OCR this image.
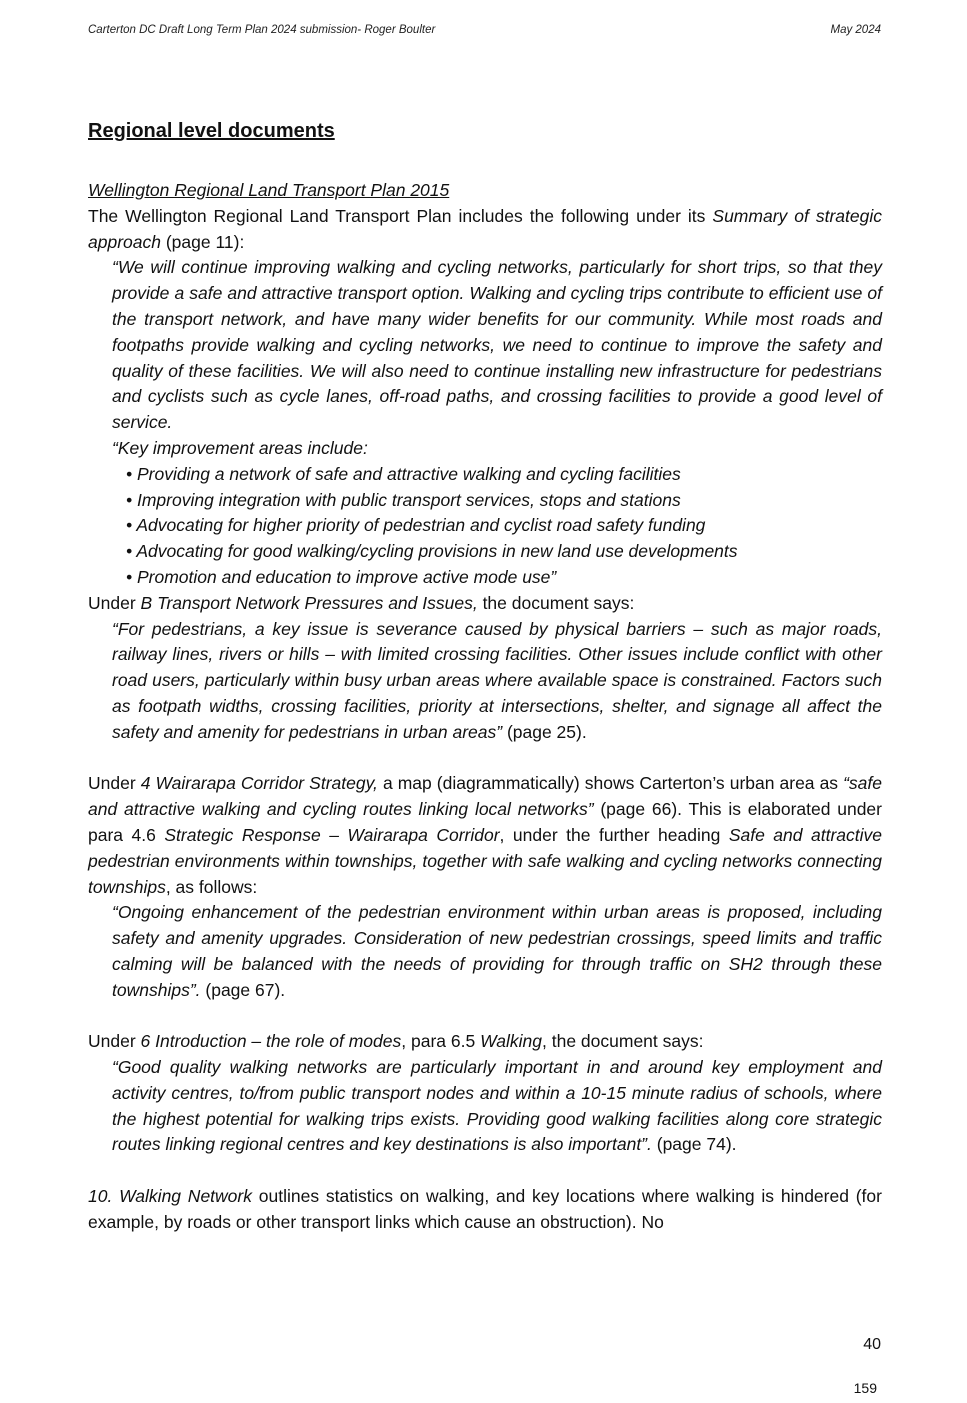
Carterton DC Draft Long Term Plan 2024 submission- Roger Boulter	May 2024
Regional level documents

Wellington Regional Land Transport Plan 2015

The Wellington Regional Land Transport Plan includes the following under its Summary of strategic approach (page 11):

“We will continue improving walking and cycling networks, particularly for short trips, so that they provide a safe and attractive transport option. Walking and cycling trips contribute to efficient use of the transport network, and have many wider benefits for our community. While most roads and footpaths provide walking and cycling networks, we need to continue to improve the safety and quality of these facilities. We will also need to continue installing new infrastructure for pedestrians and cyclists such as cycle lanes, off-road paths, and crossing facilities to provide a good level of service.

“Key improvement areas include:

• Providing a network of safe and attractive walking and cycling facilities

• Improving integration with public transport services, stops and stations

• Advocating for higher priority of pedestrian and cyclist road safety funding

• Advocating for good walking/cycling provisions in new land use developments

• Promotion and education to improve active mode use”

Under B Transport Network Pressures and Issues, the document says:

“For pedestrians, a key issue is severance caused by physical barriers – such as major roads, railway lines, rivers or hills – with limited crossing facilities. Other issues include conflict with other road users, particularly within busy urban areas where available space is constrained. Factors such as footpath widths, crossing facilities, priority at intersections, shelter, and signage all affect the safety and amenity for pedestrians in urban areas” (page 25).

Under 4 Wairarapa Corridor Strategy, a map (diagrammatically) shows Carterton’s urban area as “safe and attractive walking and cycling routes linking local networks” (page 66). This is elaborated under para 4.6 Strategic Response – Wairarapa Corridor, under the further heading Safe and attractive pedestrian environments within townships, together with safe walking and cycling networks connecting townships, as follows:

“Ongoing enhancement of the pedestrian environment within urban areas is proposed, including safety and amenity upgrades. Consideration of new pedestrian crossings, speed limits and traffic calming will be balanced with the needs of providing for through traffic on SH2 through these townships”. (page 67).

Under 6 Introduction – the role of modes, para 6.5 Walking, the document says:

“Good quality walking networks are particularly important in and around key employment and activity centres, to/from public transport nodes and within a 10-15 minute radius of schools, where the highest potential for walking trips exists. Providing good walking facilities along core strategic routes linking regional centres and key destinations is also important”. (page 74).

10. Walking Network outlines statistics on walking, and key locations where walking is hindered (for example, by roads or other transport links which cause an obstruction). No

40
159
